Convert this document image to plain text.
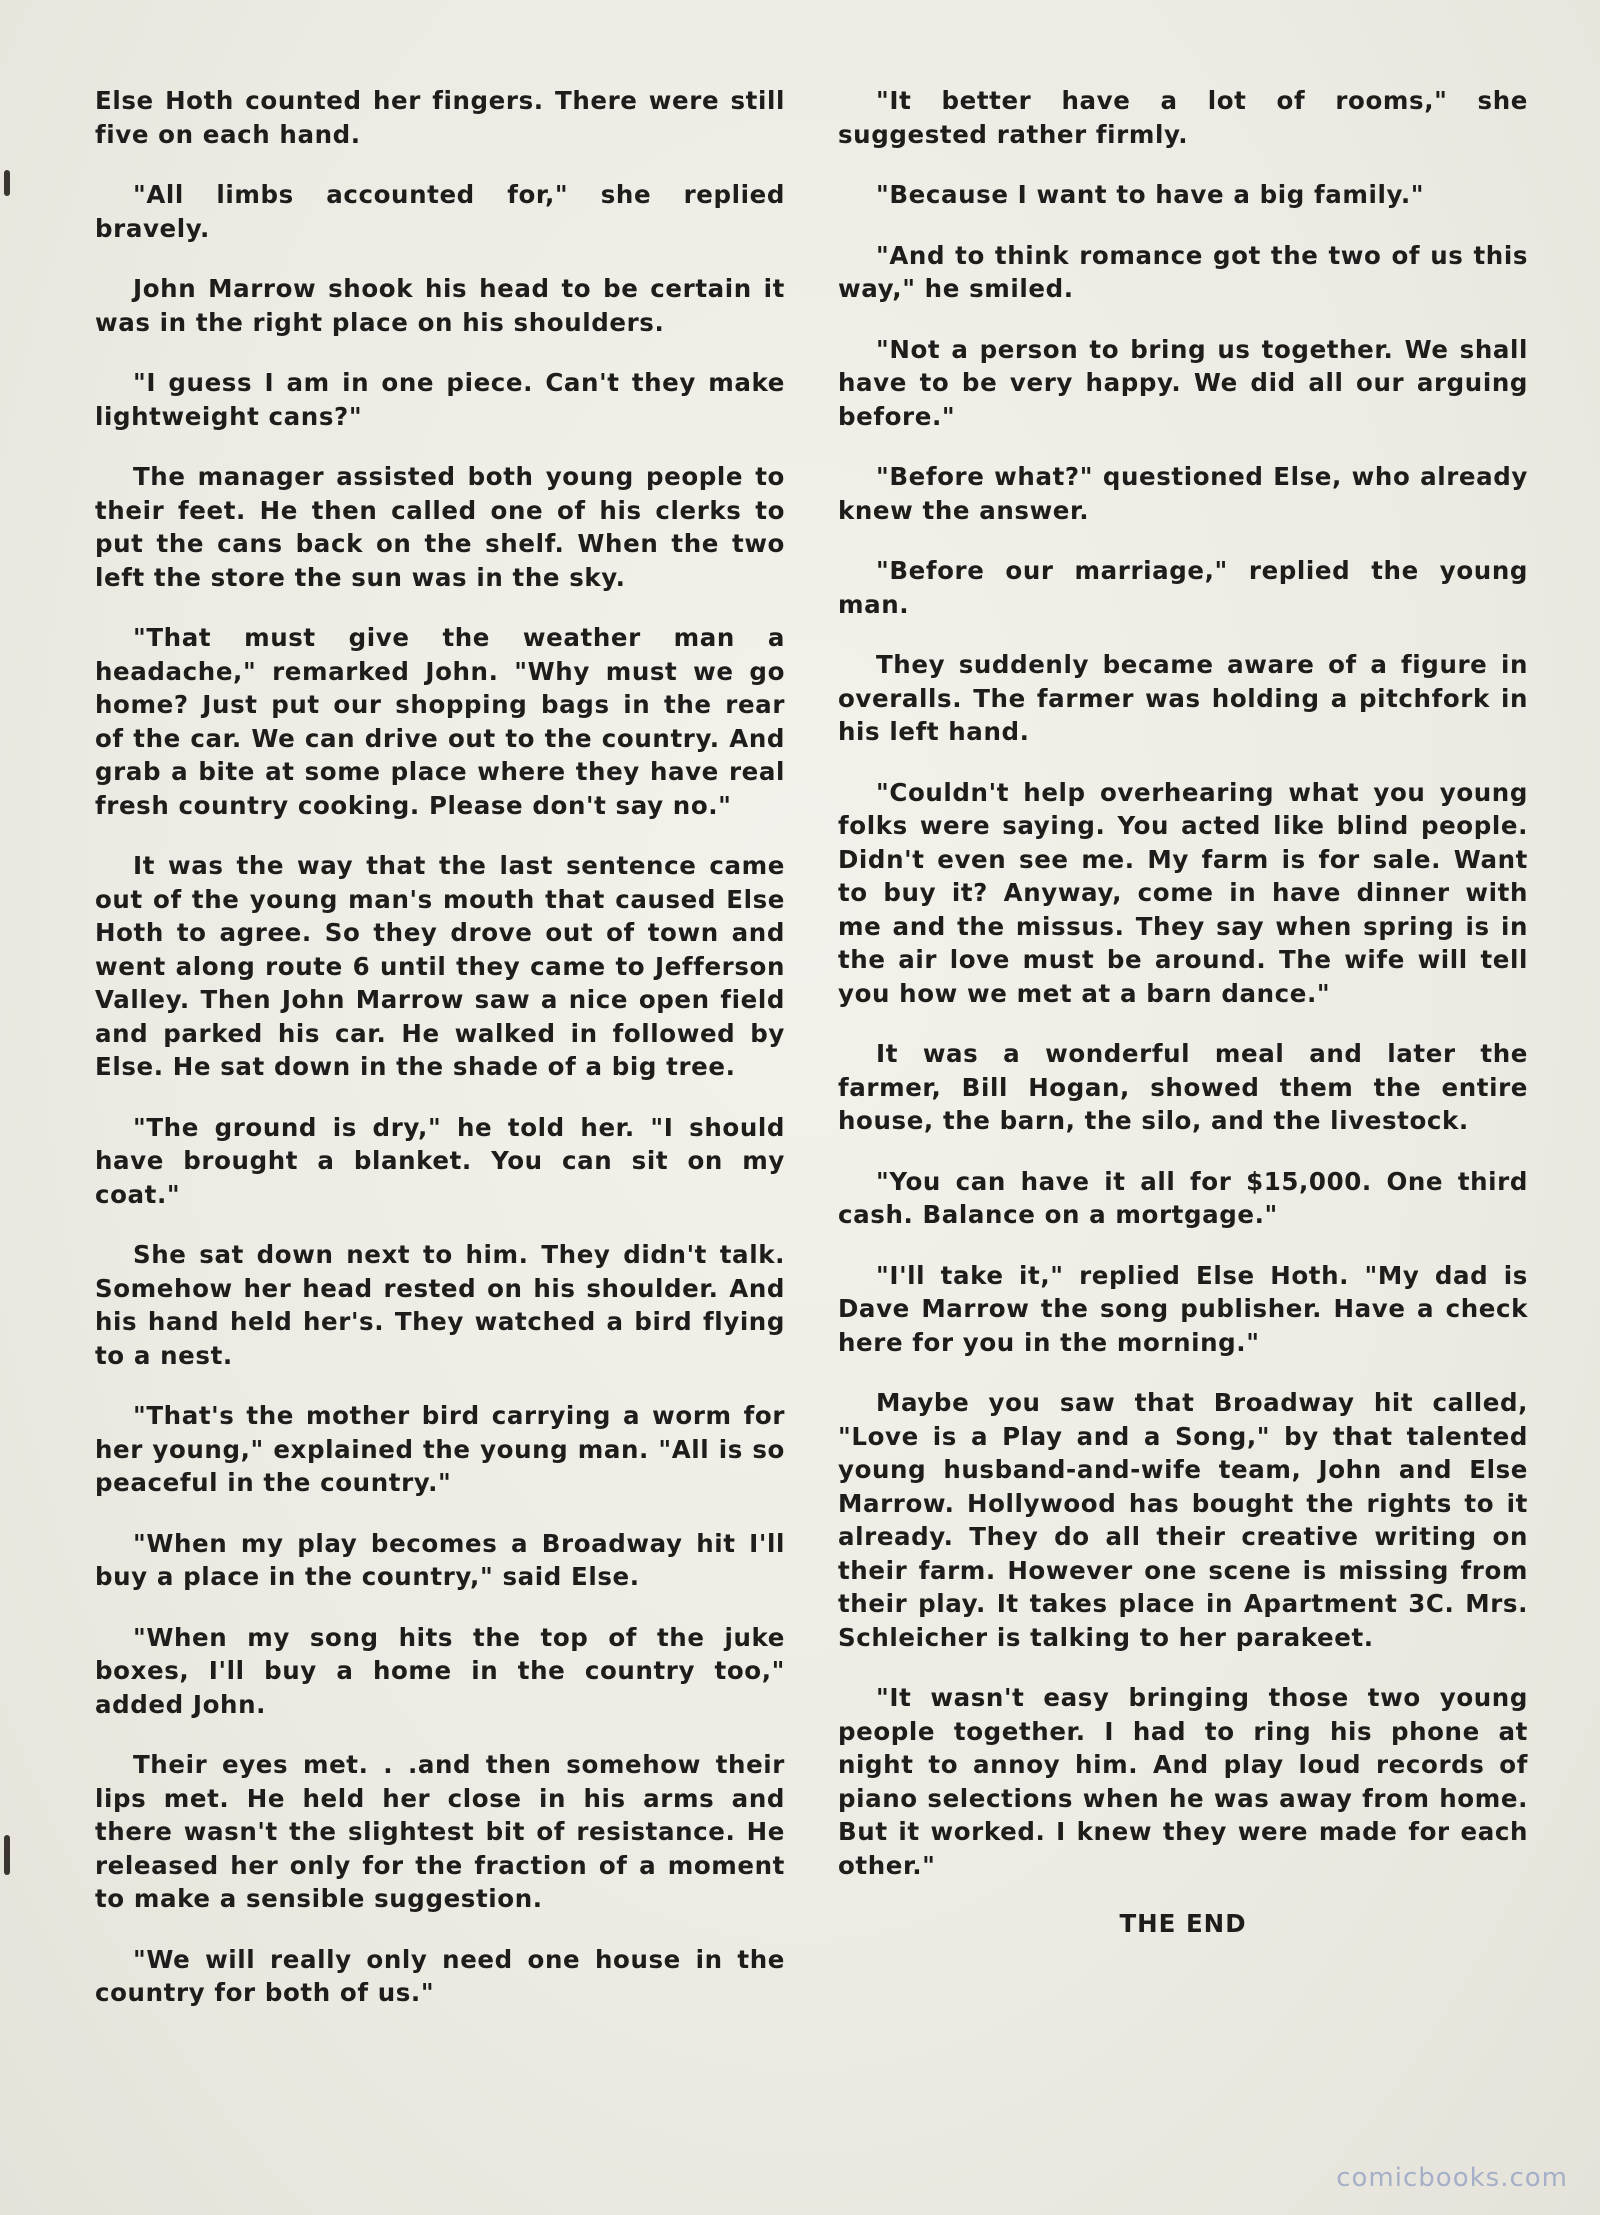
Else Hoth counted her fingers. There were still five on each hand.

"All limbs accounted for," she replied bravely.

John Marrow shook his head to be certain it was in the right place on his shoulders.

"I guess I am in one piece. Can't they make lightweight cans?"

The manager assisted both young people to their feet. He then called one of his clerks to put the cans back on the shelf. When the two left the store the sun was in the sky.

"That must give the weather man a headache," remarked John. "Why must we go home? Just put our shopping bags in the rear of the car. We can drive out to the country. And grab a bite at some place where they have real fresh country cooking. Please don't say no."

It was the way that the last sentence came out of the young man's mouth that caused Else Hoth to agree. So they drove out of town and went along route 6 until they came to Jefferson Valley. Then John Marrow saw a nice open field and parked his car. He walked in followed by Else. He sat down in the shade of a big tree.

"The ground is dry," he told her. "I should have brought a blanket. You can sit on my coat."

She sat down next to him. They didn't talk. Somehow her head rested on his shoulder. And his hand held her's. They watched a bird flying to a nest.

"That's the mother bird carrying a worm for her young," explained the young man. "All is so peaceful in the country."

"When my play becomes a Broadway hit I'll buy a place in the country," said Else.

"When my song hits the top of the juke boxes, I'll buy a home in the country too," added John.

Their eyes met. . .and then somehow their lips met. He held her close in his arms and there wasn't the slightest bit of resistance. He released her only for the fraction of a moment to make a sensible suggestion.

"We will really only need one house in the country for both of us."

"It better have a lot of rooms," she suggested rather firmly.

"Because I want to have a big family."

"And to think romance got the two of us this way," he smiled.

"Not a person to bring us together. We shall have to be very happy. We did all our arguing before."

"Before what?" questioned Else, who already knew the answer.

"Before our marriage," replied the young man.

They suddenly became aware of a figure in overalls. The farmer was holding a pitchfork in his left hand.

"Couldn't help overhearing what you young folks were saying. You acted like blind people. Didn't even see me. My farm is for sale. Want to buy it? Anyway, come in have dinner with me and the missus. They say when spring is in the air love must be around. The wife will tell you how we met at a barn dance."

It was a wonderful meal and later the farmer, Bill Hogan, showed them the entire house, the barn, the silo, and the livestock.

"You can have it all for $15,000. One third cash. Balance on a mortgage."

"I'll take it," replied Else Hoth. "My dad is Dave Marrow the song publisher. Have a check here for you in the morning."

Maybe you saw that Broadway hit called, "Love is a Play and a Song," by that talented young husband-and-wife team, John and Else Marrow. Hollywood has bought the rights to it already. They do all their creative writing on their farm. However one scene is missing from their play. It takes place in Apartment 3C. Mrs. Schleicher is talking to her parakeet.

"It wasn't easy bringing those two young people together. I had to ring his phone at night to annoy him. And play loud records of piano selections when he was away from home. But it worked. I knew they were made for each other."

THE END
comicbooks.com
